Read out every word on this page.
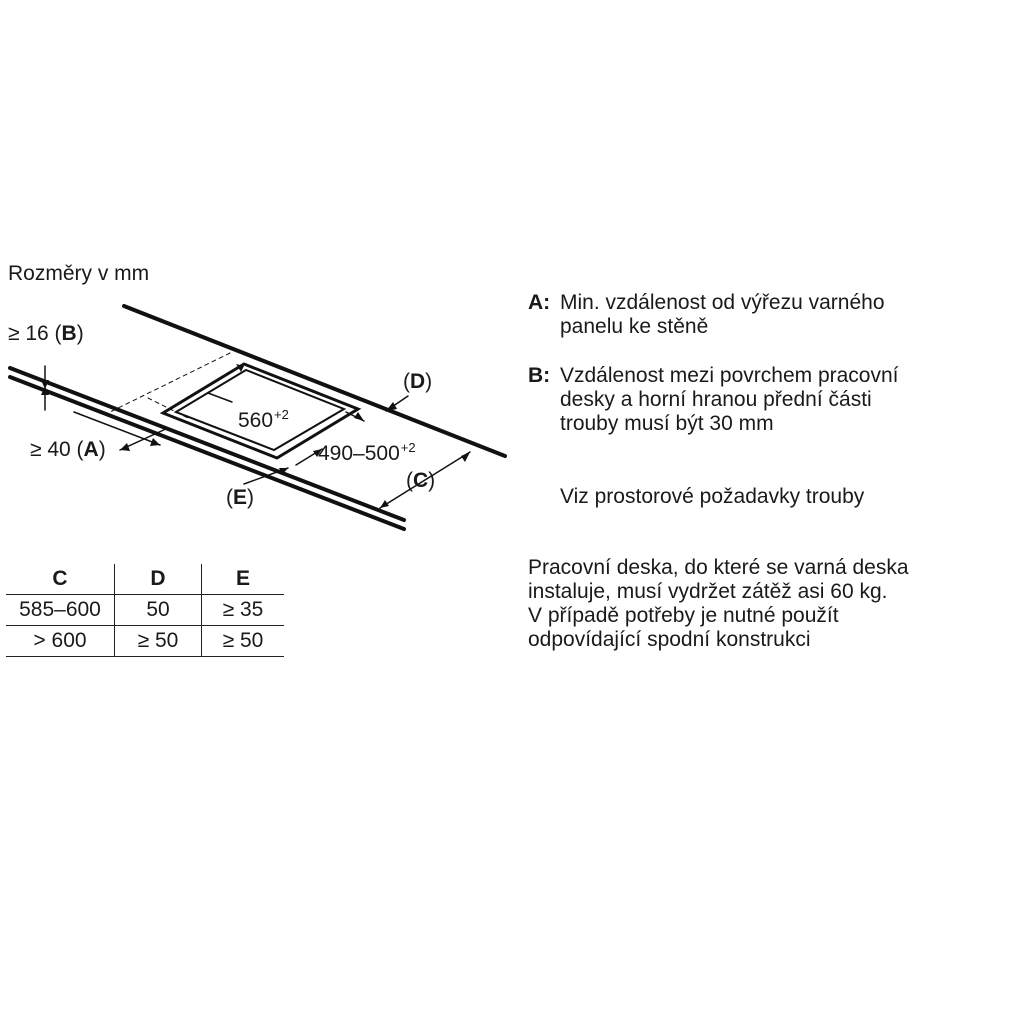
Rozměry v mm
≥ 16 (B)
≥ 40 (A)
(D)
$560^{+2}$
$490-500^{+2}$
(C)
(E)
C	D	E
585–600	50	≥ 35
> 600	≥ 50	≥ 50
A: Min. vzdálenost od výřezu varného
panelu ke stěně
B: Vzdálenost mezi povrchem pracovní
desky a horní hranou přední části
trouby musí být 30 mm
Viz prostorové požadavky trouby
Pracovní deska, do které se varná deska
instaluje, musí vydržet zátěž asi 60 kg.
V případě potřeby je nutné použít
odpovídající spodní konstrukci
